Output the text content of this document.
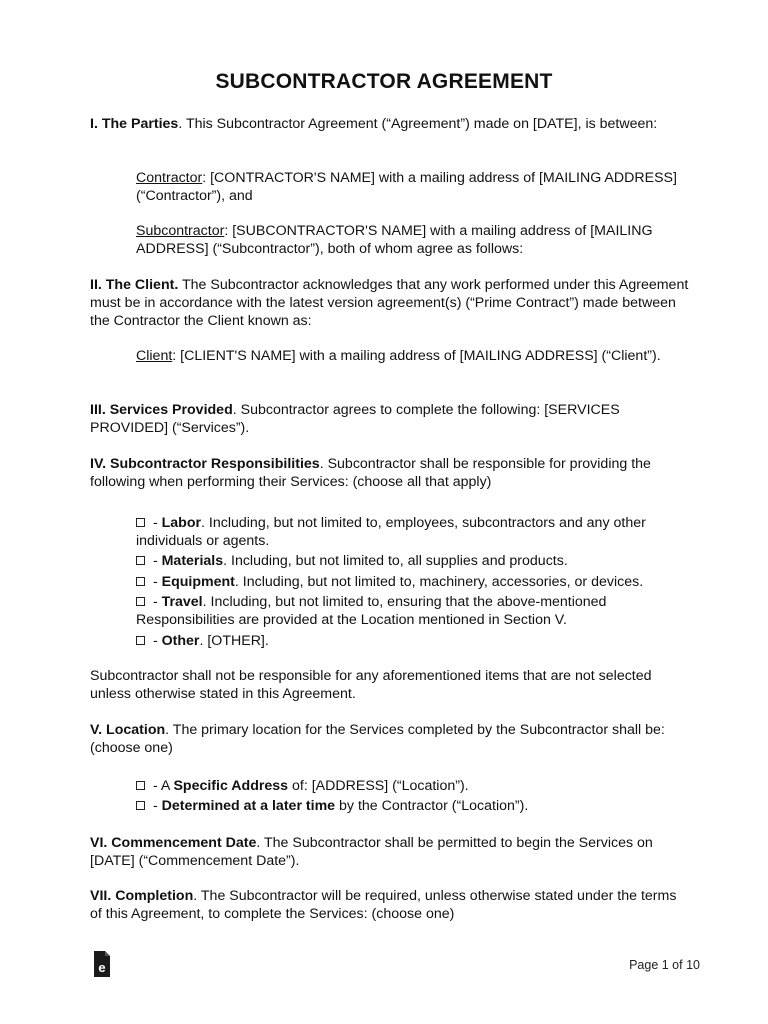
SUBCONTRACTOR AGREEMENT

I. The Parties. This Subcontractor Agreement (“Agreement”) made on [DATE], is between:

Contractor: [CONTRACTOR'S NAME] with a mailing address of [MAILING ADDRESS] (“Contractor”), and

Subcontractor: [SUBCONTRACTOR'S NAME] with a mailing address of [MAILING ADDRESS] (“Subcontractor”), both of whom agree as follows:

II. The Client. The Subcontractor acknowledges that any work performed under this Agreement must be in accordance with the latest version agreement(s) (“Prime Contract”) made between the Contractor the Client known as:

Client: [CLIENT'S NAME] with a mailing address of [MAILING ADDRESS] (“Client”).

III. Services Provided. Subcontractor agrees to complete the following: [SERVICES PROVIDED] (“Services”).

IV. Subcontractor Responsibilities. Subcontractor shall be responsible for providing the following when performing their Services: (choose all that apply)

- Labor. Including, but not limited to, employees, subcontractors and any other individuals or agents.

- Materials. Including, but not limited to, all supplies and products.

- Equipment. Including, but not limited to, machinery, accessories, or devices.

- Travel. Including, but not limited to, ensuring that the above-mentioned Responsibilities are provided at the Location mentioned in Section V.

- Other. [OTHER].

Subcontractor shall not be responsible for any aforementioned items that are not selected unless otherwise stated in this Agreement.

V. Location. The primary location for the Services completed by the Subcontractor shall be: (choose one)

- A Specific Address of: [ADDRESS] (“Location”).

- Determined at a later time by the Contractor (“Location”).

VI. Commencement Date. The Subcontractor shall be permitted to begin the Services on [DATE] (“Commencement Date”).

VII. Completion. The Subcontractor will be required, unless otherwise stated under the terms of this Agreement, to complete the Services: (choose one)

e	Page 1 of 10
